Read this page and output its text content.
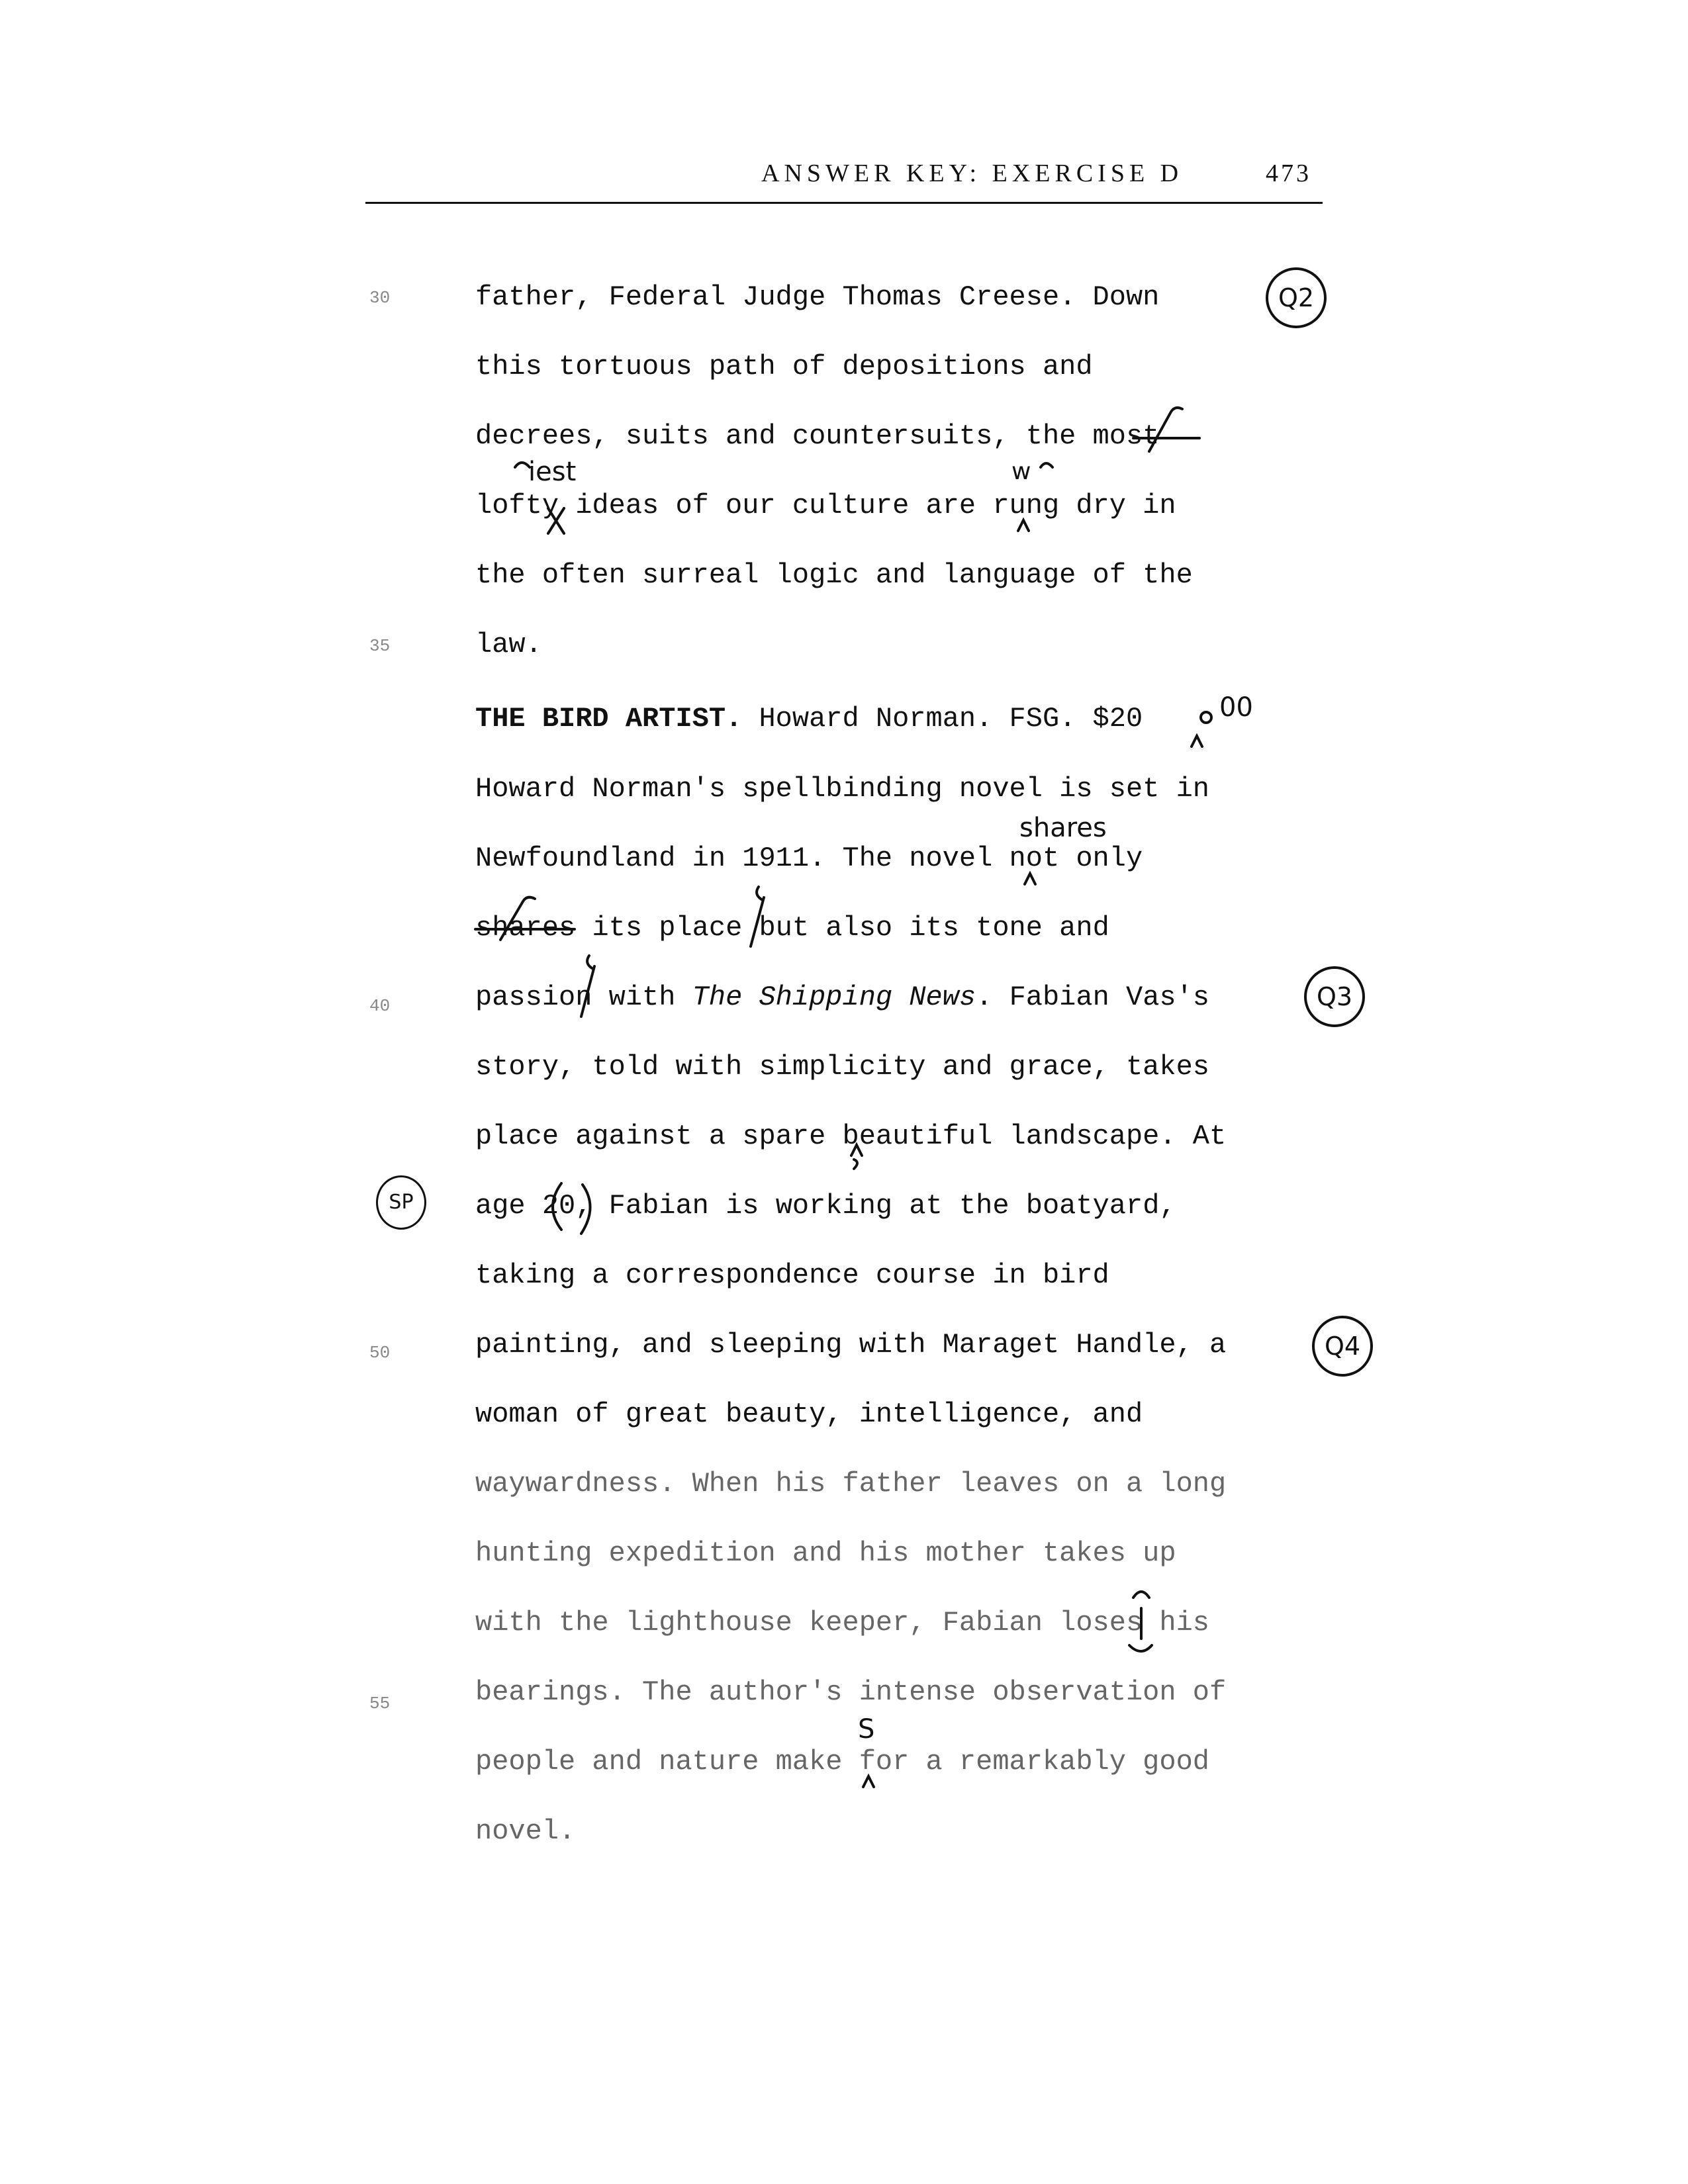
ANSWER KEY: EXERCISE D	473
30
35
40
50
55
father, Federal Judge Thomas Creese. Down
this tortuous path of depositions and
decrees, suits and countersuits, the most
lofty ideas of our culture are rung dry in
the often surreal logic and language of the
law.
THE BIRD ARTIST. Howard Norman. FSG. $20
Howard Norman's spellbinding novel is set in
Newfoundland in 1911. The novel not only
shares its place but also its tone and
passion with The Shipping News. Fabian Vas's
story, told with simplicity and grace, takes
place against a spare beautiful landscape. At
age 20, Fabian is working at the boatyard,
taking a correspondence course in bird
painting, and sleeping with Maraget Handle, a
woman of great beauty, intelligence, and
waywardness. When his father leaves on a long
hunting expedition and his mother takes up
with the lighthouse keeper, Fabian loses his
bearings. The author's intense observation of
people and nature make for a remarkably good
novel.
iest	w
00
shares
S
Q2
Q3
Q4
SP
